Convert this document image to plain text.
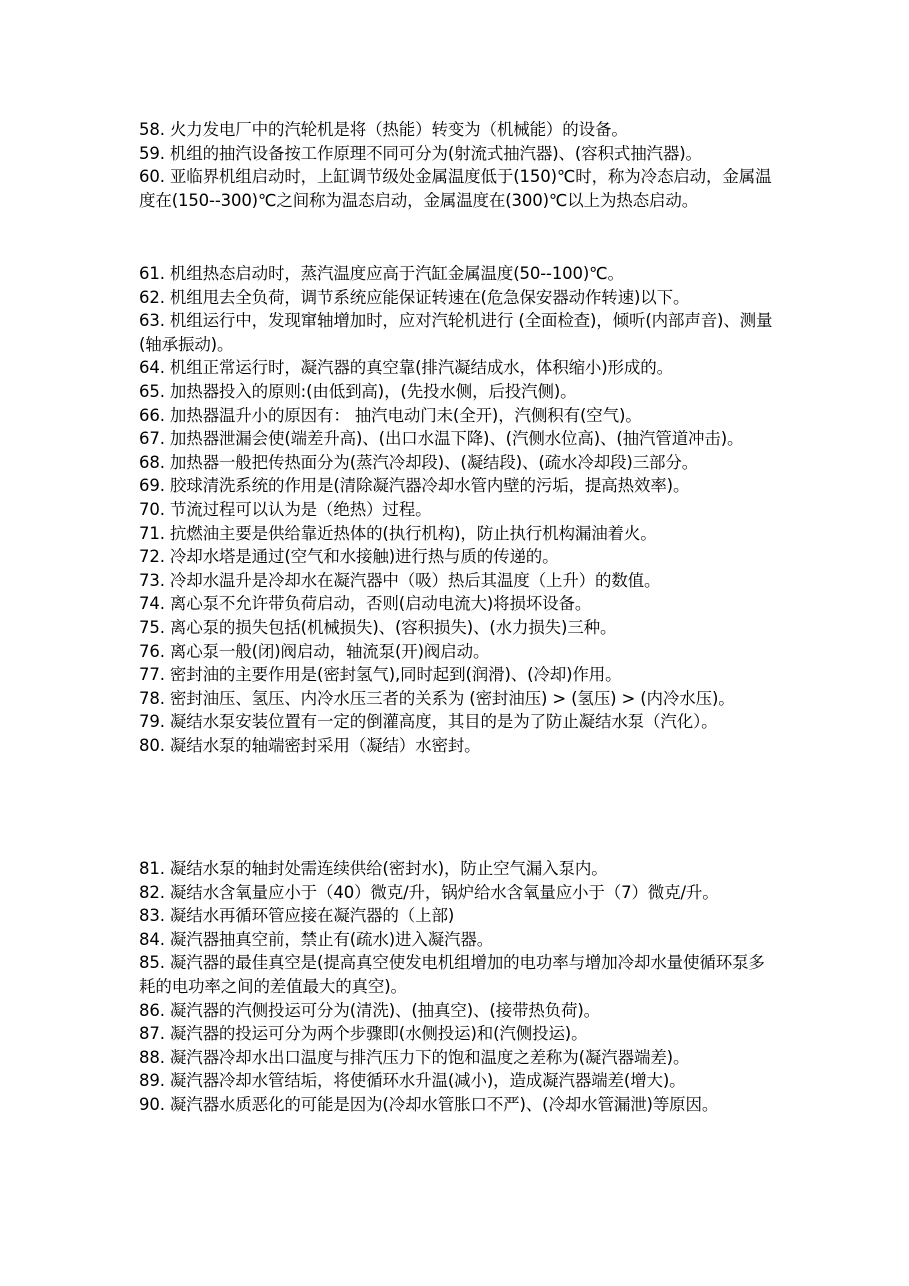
58. 火力发电厂中的汽轮机是将（热能）转变为（机械能）的设备。

59. 机组的抽汽设备按工作原理不同可分为(射流式抽汽器)、(容积式抽汽器)。

60. 亚临界机组启动时，上缸调节级处金属温度低于(150)℃时，称为冷态启动，金属温度在(150--300)℃之间称为温态启动，金属温度在(300)℃以上为热态启动。

61. 机组热态启动时，蒸汽温度应高于汽缸金属温度(50--100)℃。

62. 机组甩去全负荷，调节系统应能保证转速在(危急保安器动作转速)以下。

63. 机组运行中，发现窜轴增加时，应对汽轮机进行 (全面检查)，倾听(内部声音)、测量(轴承振动)。

64. 机组正常运行时，凝汽器的真空靠(排汽凝结成水，体积缩小)形成的。

65. 加热器投入的原则:(由低到高)，(先投水侧，后投汽侧)。

66. 加热器温升小的原因有： 抽汽电动门未(全开)，汽侧积有(空气)。

67. 加热器泄漏会使(端差升高)、(出口水温下降)、(汽侧水位高)、(抽汽管道冲击)。

68. 加热器一般把传热面分为(蒸汽冷却段)、(凝结段)、(疏水冷却段)三部分。

69. 胶球清洗系统的作用是(清除凝汽器冷却水管内壁的污垢，提高热效率)。

70. 节流过程可以认为是（绝热）过程。

71. 抗燃油主要是供给靠近热体的(执行机构)，防止执行机构漏油着火。

72. 冷却水塔是通过(空气和水接触)进行热与质的传递的。

73. 冷却水温升是冷却水在凝汽器中（吸）热后其温度（上升）的数值。

74. 离心泵不允许带负荷启动，否则(启动电流大)将损坏设备。

75. 离心泵的损失包括(机械损失)、(容积损失)、(水力损失)三种。

76. 离心泵一般(闭)阀启动，轴流泵(开)阀启动。

77. 密封油的主要作用是(密封氢气),同时起到(润滑)、(冷却)作用。

78. 密封油压、氢压、内冷水压三者的关系为 (密封油压) > (氢压) > (内冷水压)。

79. 凝结水泵安装位置有一定的倒灌高度，其目的是为了防止凝结水泵（汽化）。

80. 凝结水泵的轴端密封采用（凝结）水密封。

81. 凝结水泵的轴封处需连续供给(密封水)，防止空气漏入泵内。

82. 凝结水含氧量应小于（40）微克/升，锅炉给水含氧量应小于（7）微克/升。

83. 凝结水再循环管应接在凝汽器的（上部)

84. 凝汽器抽真空前，禁止有(疏水)进入凝汽器。

85. 凝汽器的最佳真空是(提高真空使发电机组增加的电功率与增加冷却水量使循环泵多耗的电功率之间的差值最大的真空)。

86. 凝汽器的汽侧投运可分为(清洗)、(抽真空)、(接带热负荷)。

87. 凝汽器的投运可分为两个步骤即(水侧投运)和(汽侧投运)。

88. 凝汽器冷却水出口温度与排汽压力下的饱和温度之差称为(凝汽器端差)。

89. 凝汽器冷却水管结垢，将使循环水升温(减小)，造成凝汽器端差(增大)。

90. 凝汽器水质恶化的可能是因为(冷却水管胀口不严)、(冷却水管漏泄)等原因。
